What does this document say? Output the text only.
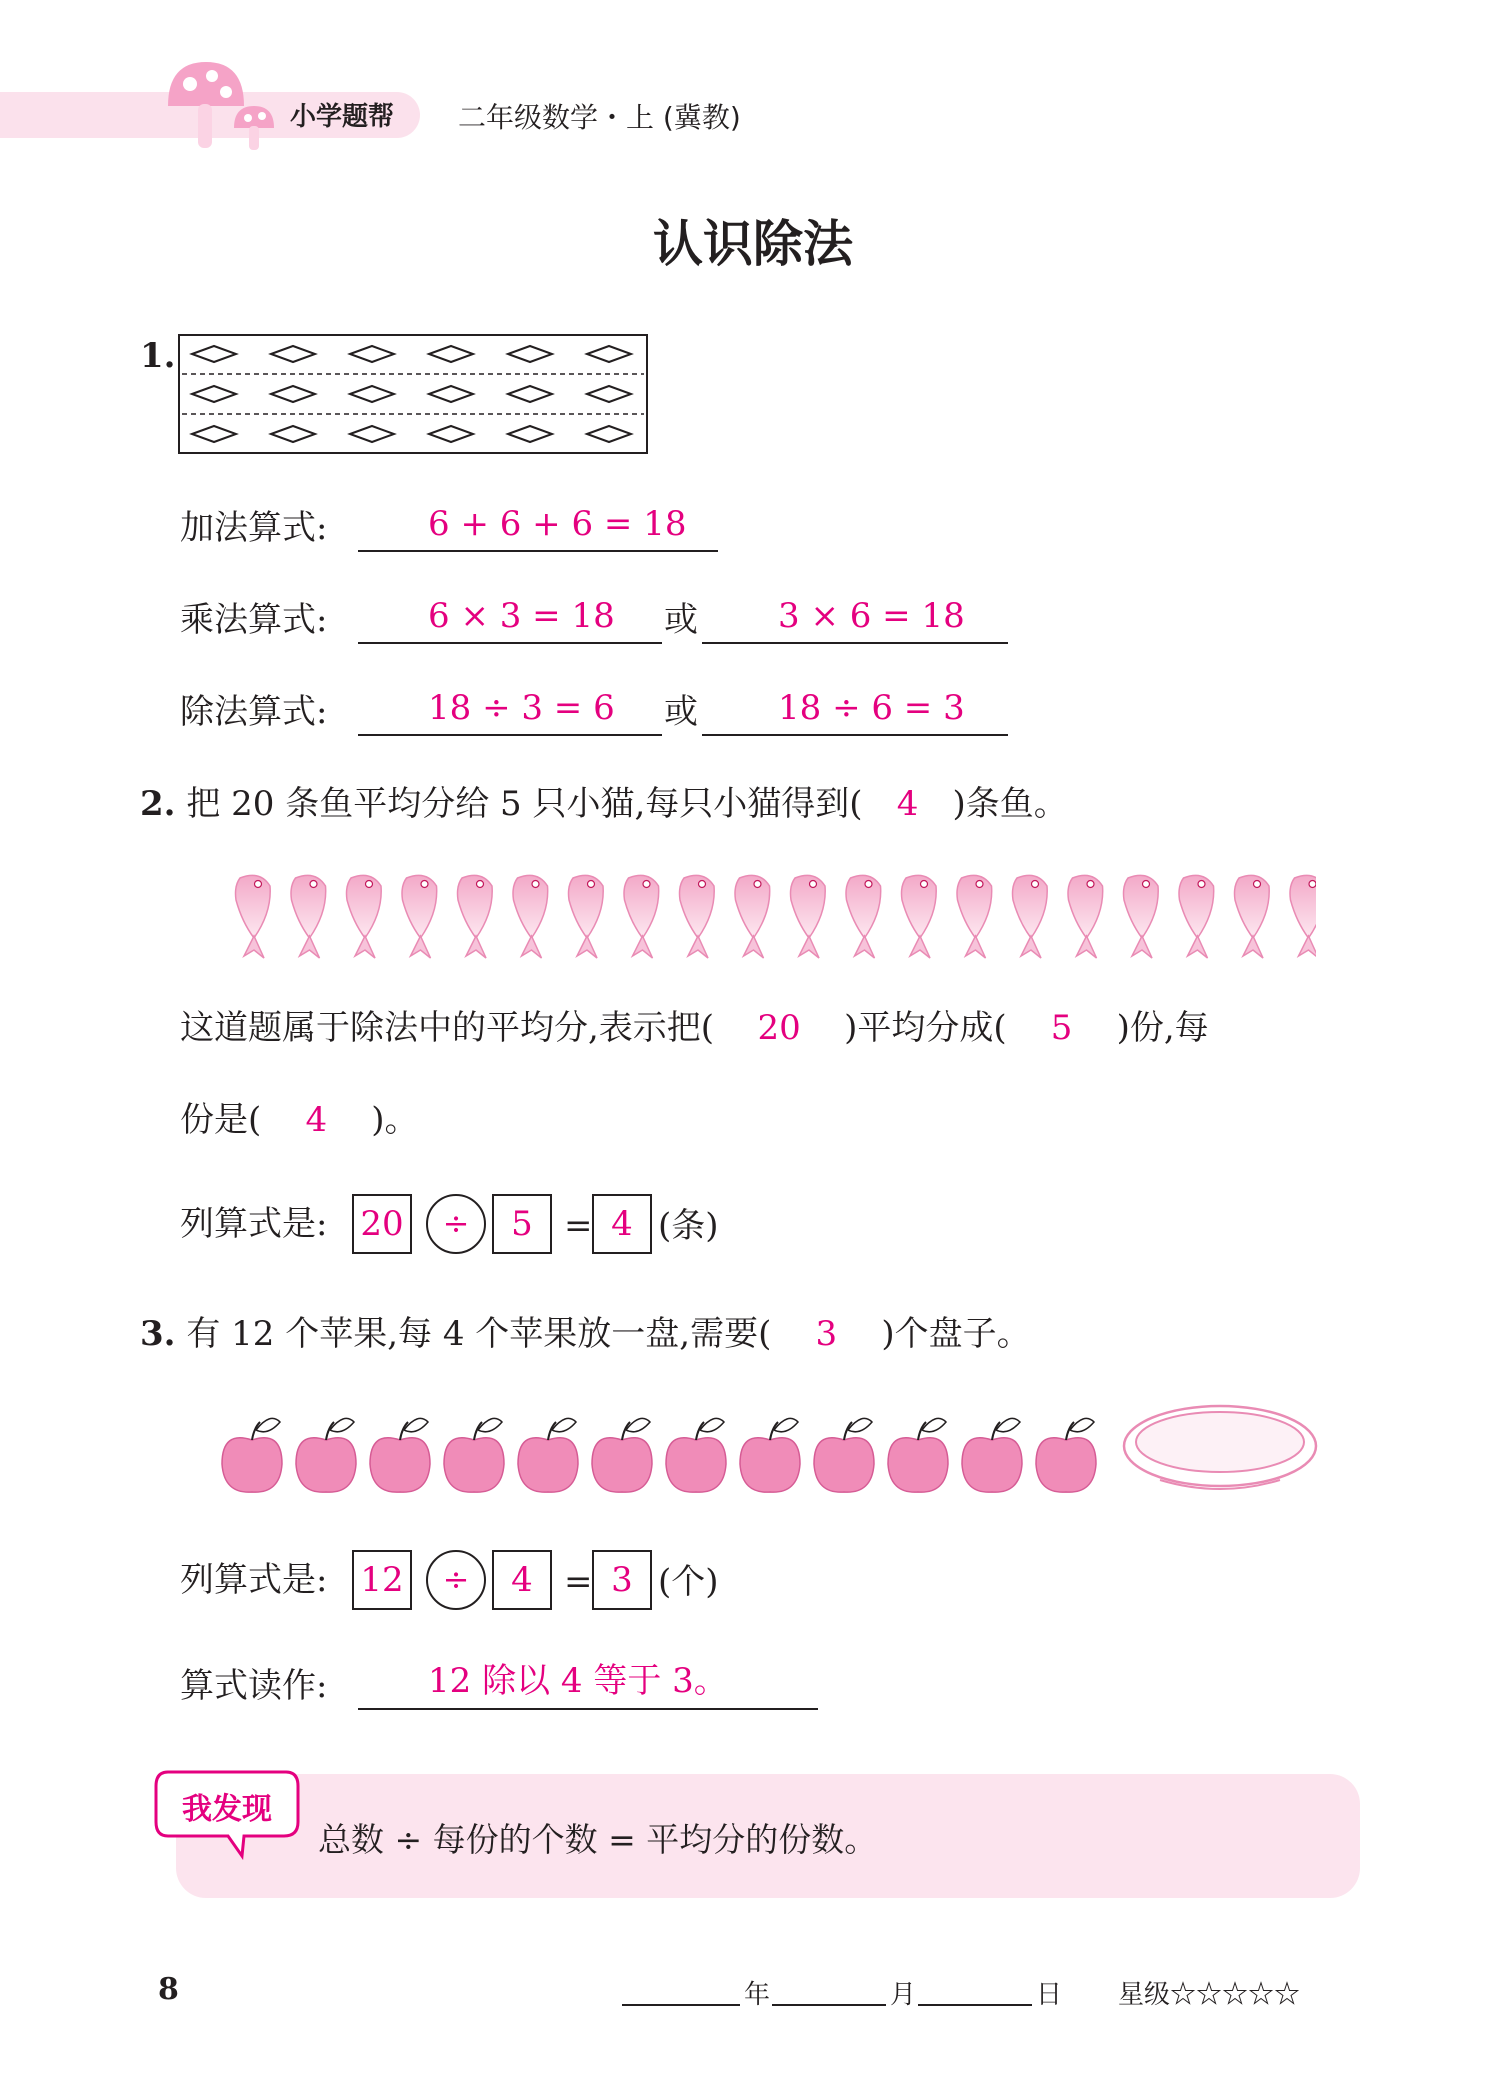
小学题帮 二年级数学・上 (冀教)
认识除法
1.
加法算式:	6 + 6 + 6 = 18
乘法算式:	6 × 3 = 18 或 3 × 6 = 18
除法算式:	18 ÷ 3 = 6 或 18 ÷ 6 = 3
2. 把 20 条鱼平均分给 5 只小猫,每只小猫得到( 4 )条鱼。
这道题属于除法中的平均分,表示把( 20 )平均分成( 5 )份,每
份是( 4 )。
列算式是: 20	÷	5 = 4 (条)
3. 有 12 个苹果,每 4 个苹果放一盘,需要( 3 )个盘子。
列算式是: 12	÷	4 = 3 (个)
算式读作:	12 除以 4 等于 3。
我发现
总数 ÷ 每份的个数 = 平均分的份数。
8	年	月	日 星级☆☆☆☆☆
